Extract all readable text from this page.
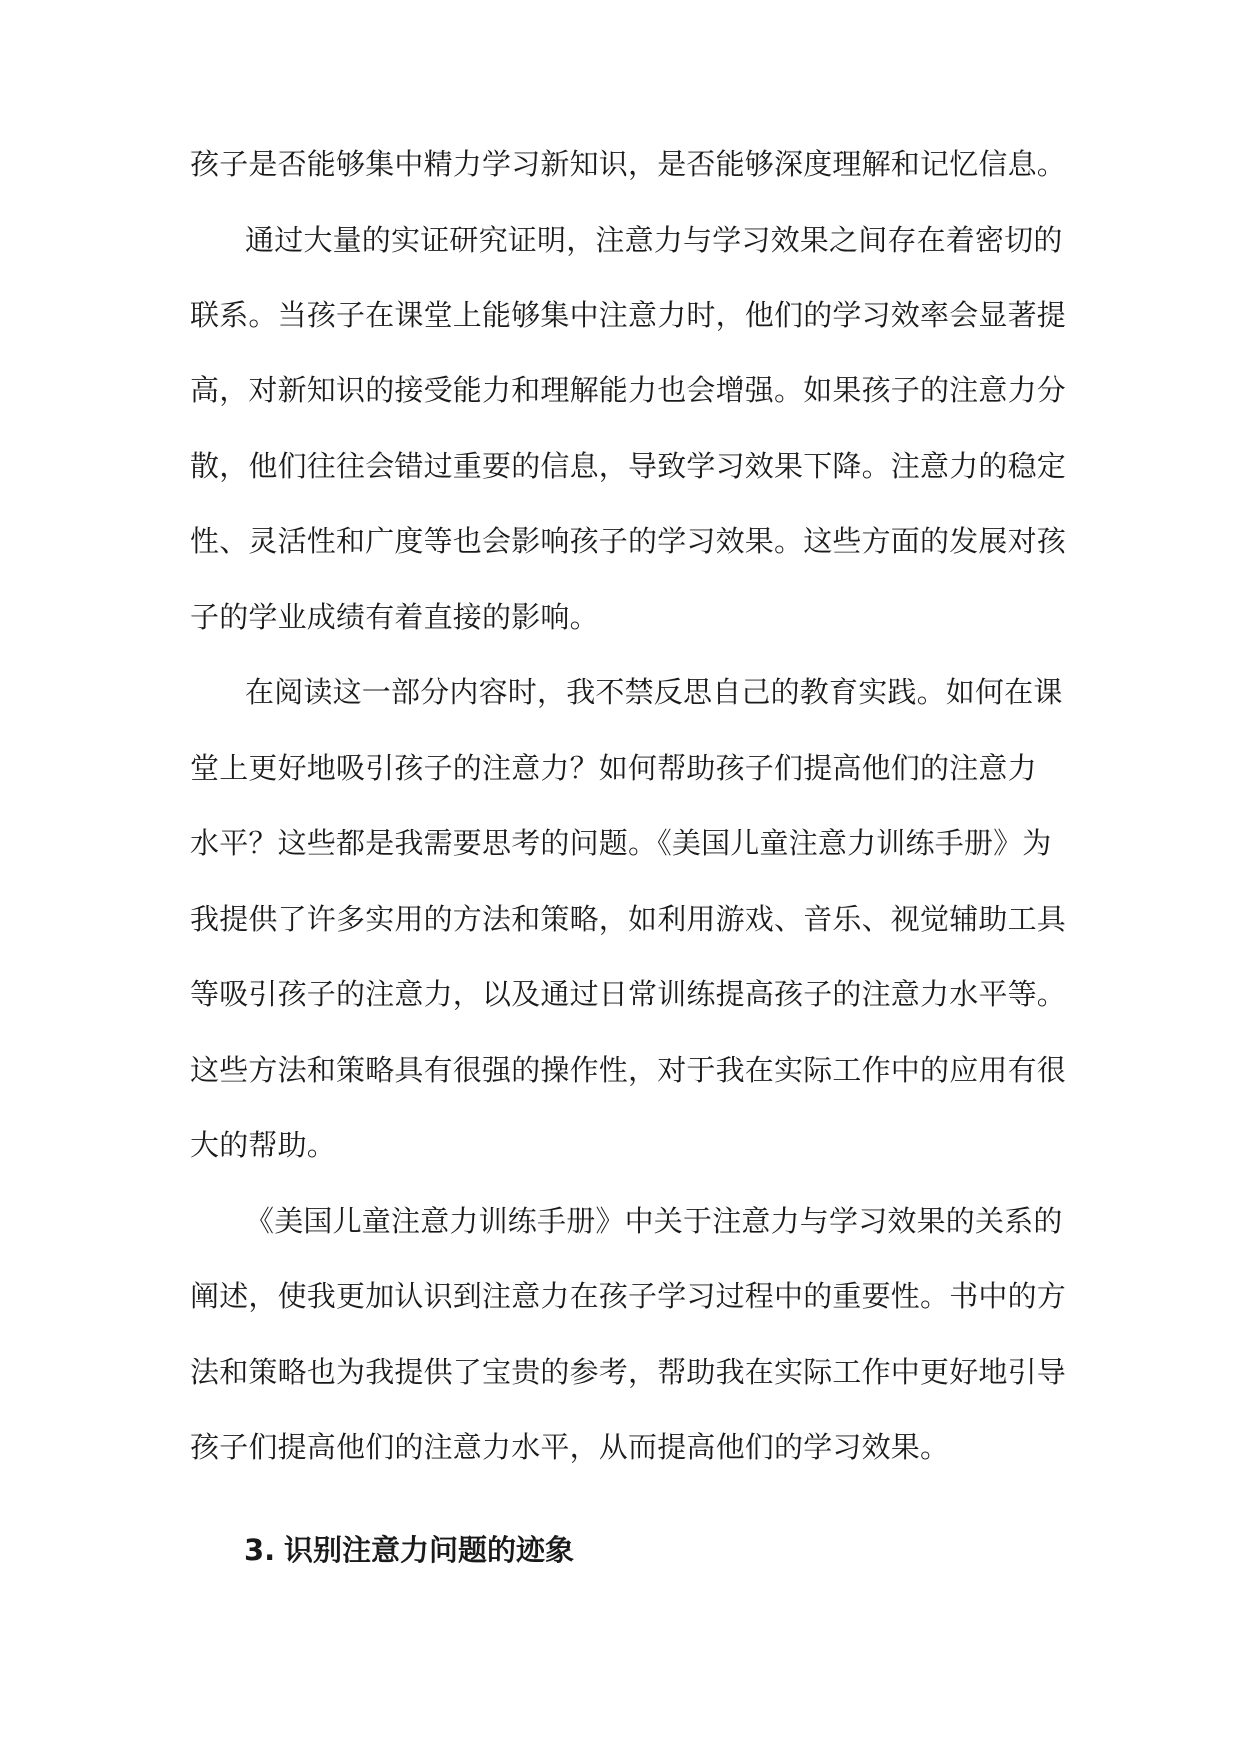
孩子是否能够集中精力学习新知识，是否能够深度理解和记忆信息。
通过大量的实证研究证明，注意力与学习效果之间存在着密切的
联系。当孩子在课堂上能够集中注意力时，他们的学习效率会显著提
高，对新知识的接受能力和理解能力也会增强。如果孩子的注意力分
散，他们往往会错过重要的信息，导致学习效果下降。注意力的稳定
性、灵活性和广度等也会影响孩子的学习效果。这些方面的发展对孩
子的学业成绩有着直接的影响。
在阅读这一部分内容时，我不禁反思自己的教育实践。如何在课
堂上更好地吸引孩子的注意力？如何帮助孩子们提高他们的注意力
水平？这些都是我需要思考的问题。《美国儿童注意力训练手册》为
我提供了许多实用的方法和策略，如利用游戏、音乐、视觉辅助工具
等吸引孩子的注意力，以及通过日常训练提高孩子的注意力水平等。
这些方法和策略具有很强的操作性，对于我在实际工作中的应用有很
大的帮助。
《美国儿童注意力训练手册》中关于注意力与学习效果的关系的
阐述，使我更加认识到注意力在孩子学习过程中的重要性。书中的方
法和策略也为我提供了宝贵的参考，帮助我在实际工作中更好地引导
孩子们提高他们的注意力水平，从而提高他们的学习效果。
3. 识别注意力问题的迹象
